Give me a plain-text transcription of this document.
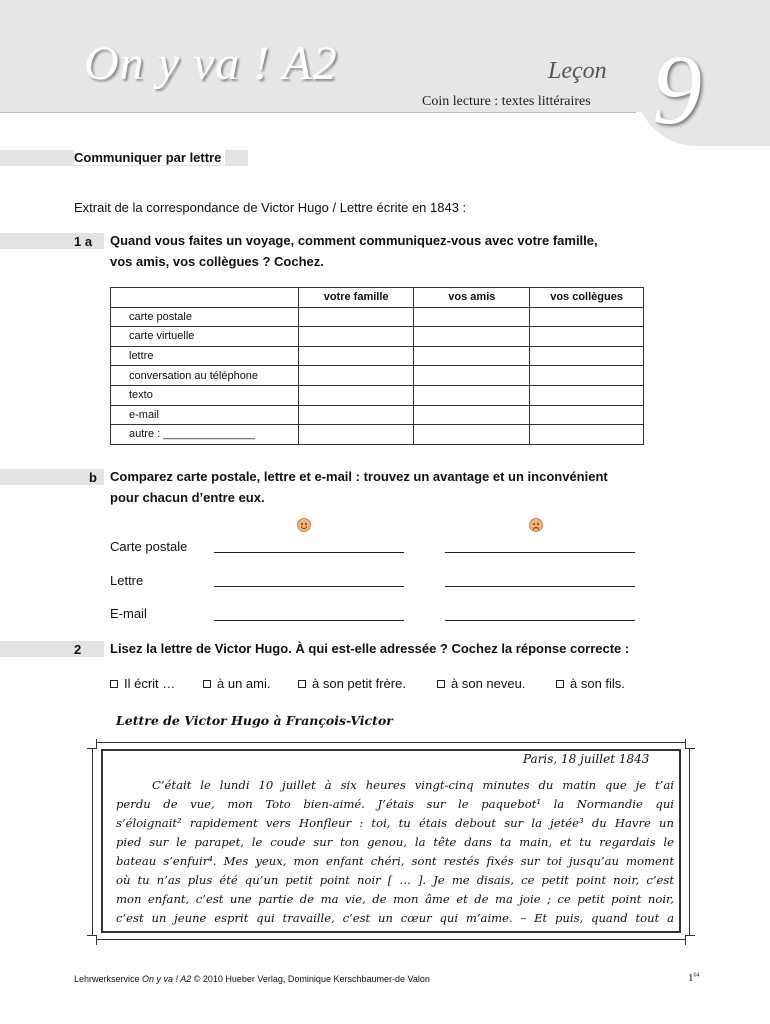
On y va ! A2	Leçon
Coin lecture : textes littéraires 9
Communiquer par lettre
Extrait de la correspondance de Victor Hugo / Lettre écrite en 1843 :
1 a Quand vous faites un voyage, comment communiquez-vous avec votre famille,
vos amis, vos collègues ? Cochez.
	votre famille	vos amis	vos collègues
carte postale			
carte virtuelle			
lettre			
conversation au téléphone			
texto			
e-mail			
autre : _______________			
b Comparez carte postale, lettre et e-mail : trouvez un avantage et un inconvénient
pour chacun d’entre eux.
Carte postale
Lettre
E-mail
2 Lisez la lettre de Victor Hugo. À qui est-elle adressée ? Cochez la réponse correcte :
Il écrit …	à un ami.	à son petit frère.	à son neveu.	à son fils.
Lettre de Victor Hugo à François-Victor
Paris, 18 juillet 1843
C’était le lundi 10 juillet à six heures vingt-cinq minutes du matin que je t’ai
perdu de vue, mon Toto bien-aimé. J’étais sur le paquebot¹ la Normandie qui
s’éloignait² rapidement vers Honfleur : toi, tu étais debout sur la jetée³ du Havre un
pied sur le parapet, le coude sur ton genou, la tête dans ta main, et tu regardais le
bateau s’enfuir⁴. Mes yeux, mon enfant chéri, sont restés fixés sur toi jusqu’au moment
où tu n’as plus été qu’un petit point noir [ … ]. Je me disais, ce petit point noir, c’est
mon enfant, c’est une partie de ma vie, de mon âme et de ma joie ; ce petit point noir,
c’est un jeune esprit qui travaille, c’est un cœur qui m’aime. – Et puis, quand tout a
Lehrwerkservice On y va ! A2 © 2010 Hueber Verlag, Dominique Kerschbaumer-de Valon	$1^{04}$
